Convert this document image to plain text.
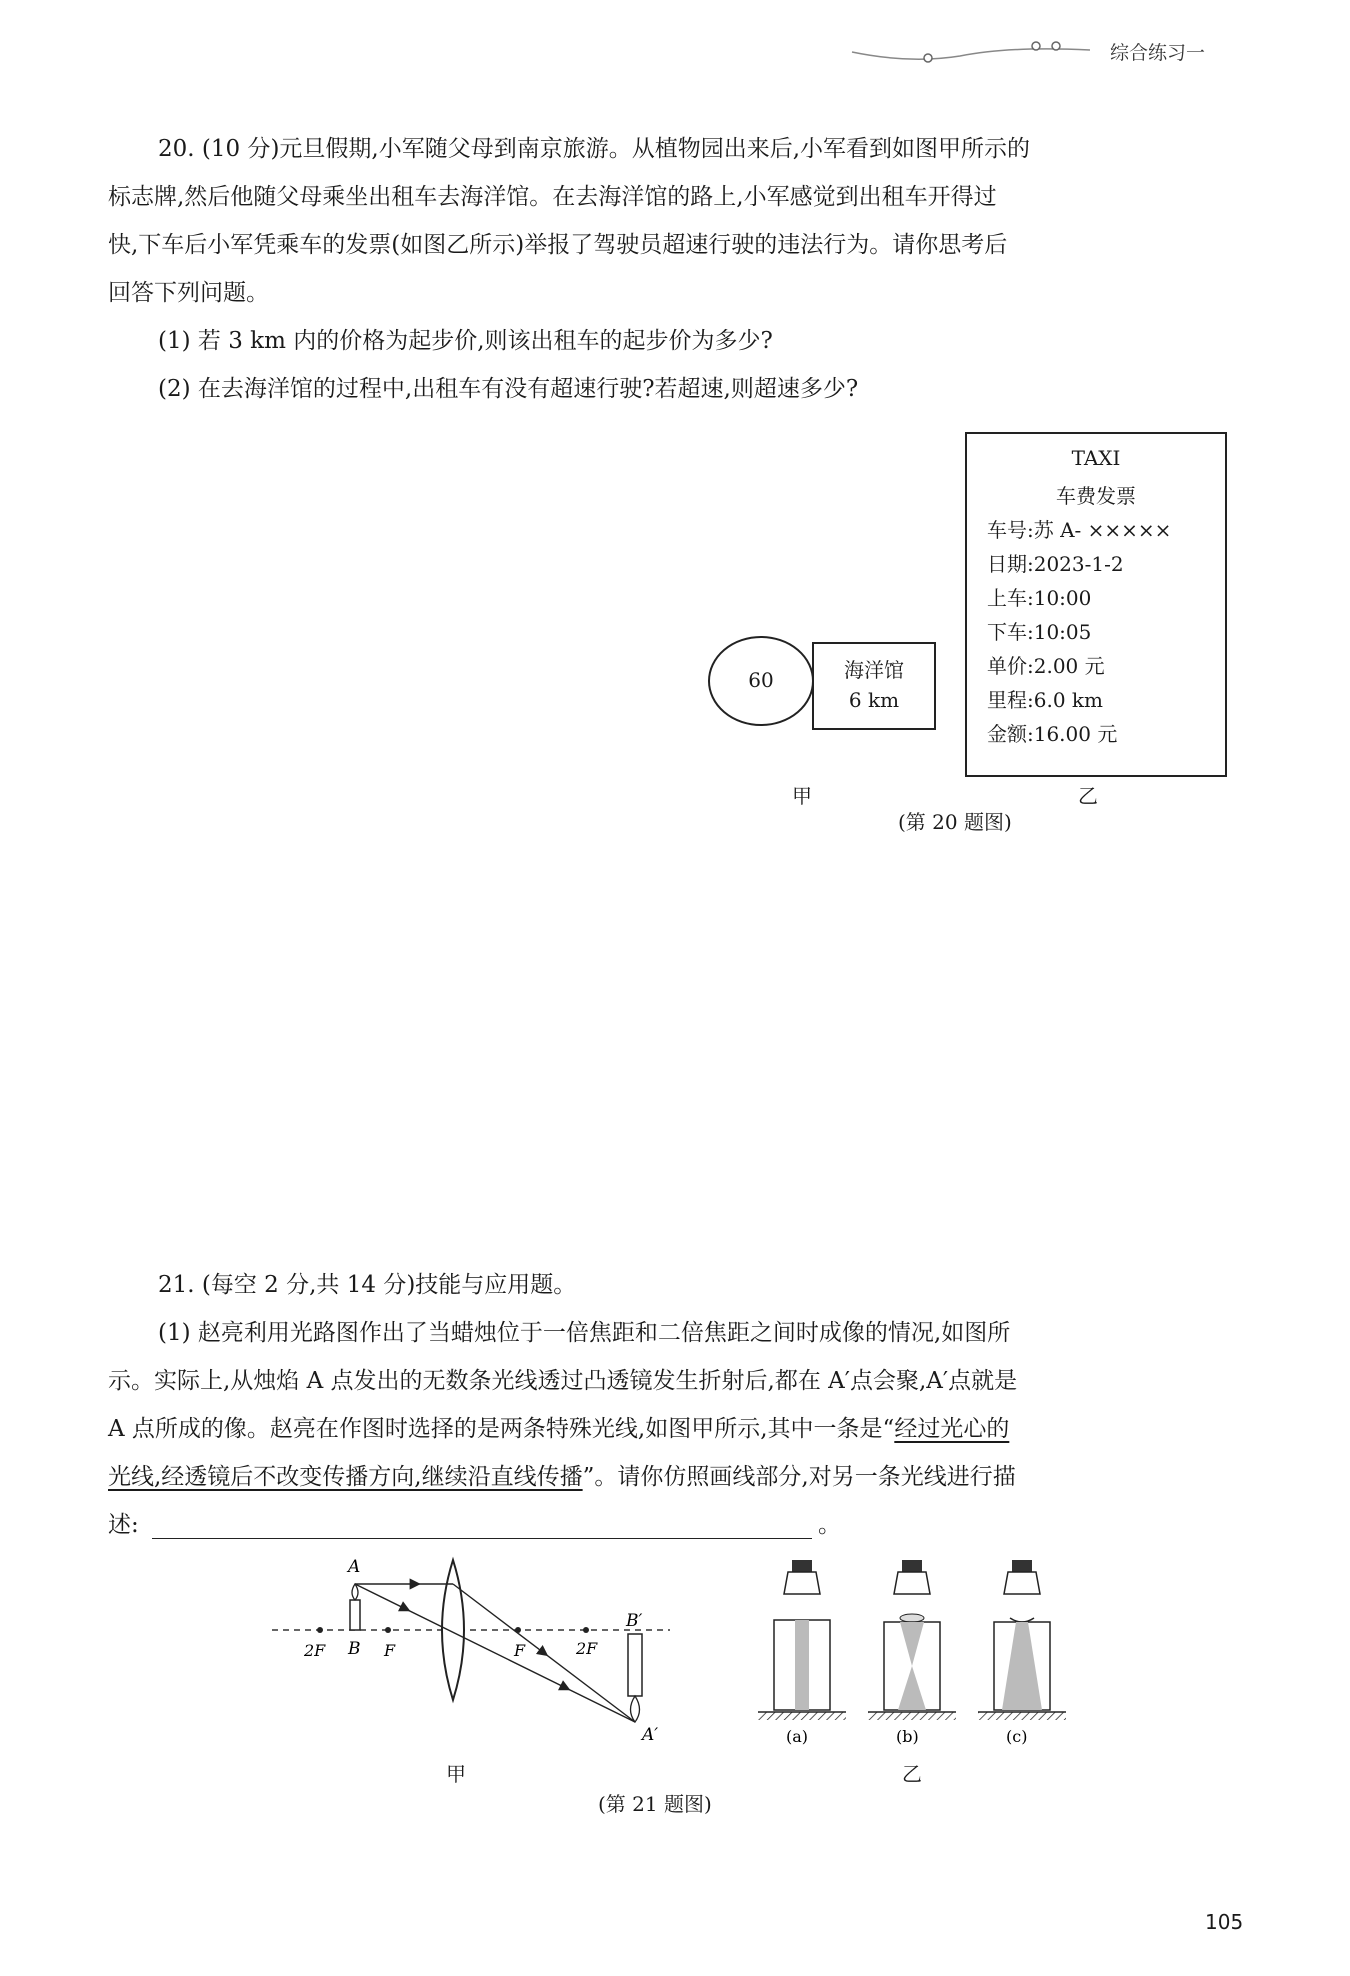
综合练习一
20. (10 分)元旦假期,小军随父母到南京旅游。从植物园出来后,小军看到如图甲所示的
标志牌,然后他随父母乘坐出租车去海洋馆。在去海洋馆的路上,小军感觉到出租车开得过
快,下车后小军凭乘车的发票(如图乙所示)举报了驾驶员超速行驶的违法行为。请你思考后
回答下列问题。
(1) 若 3 km 内的价格为起步价,则该出租车的起步价为多少?
(2) 在去海洋馆的过程中,出租车有没有超速行驶?若超速,则超速多少?
60	海洋馆
6 km
TAXI
车费发票
车号:苏 A- ×××××
日期:2023-1-2
上车:10:00
下车:10:05
单价:2.00 元
里程:6.0 km
金额:16.00 元
甲	乙
(第 20 题图)
21. (每空 2 分,共 14 分)技能与应用题。
(1) 赵亮利用光路图作出了当蜡烛位于一倍焦距和二倍焦距之间时成像的情况,如图所
示。实际上,从烛焰 A 点发出的无数条光线透过凸透镜发生折射后,都在 A′点会聚,A′点就是
A 点所成的像。赵亮在作图时选择的是两条特殊光线,如图甲所示,其中一条是“经过光心的
光线,经透镜后不改变传播方向,继续沿直线传播”。请你仿照画线部分,对另一条光线进行描
述:	。
A
B
2F	F	F	2F
B′
A′	(a)	(b)	(c)
甲	乙
(第 21 题图)
105
